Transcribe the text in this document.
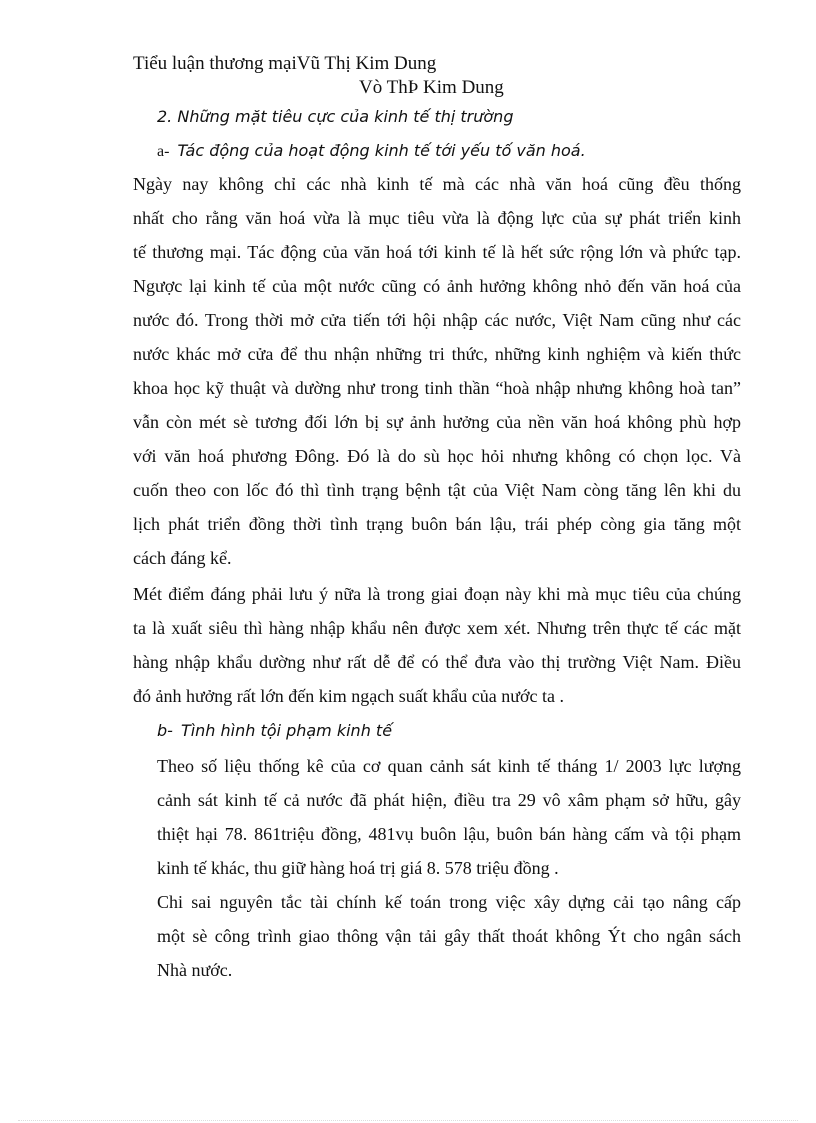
Tiểu luận thương mạiVũ Thị Kim Dung
Vò ThÞ Kim Dung
2. Những mặt tiêu cực của kinh tế thị trường
a- Tác động của hoạt động kinh tế tới yếu tố văn hoá.
Ngày nay không chỉ các nhà kinh tế mà các nhà văn hoá cũng đều thống
nhất cho rằng văn hoá vừa là mục tiêu vừa là động lực của sự phát triển kinh
tế thương mại. Tác động của văn hoá tới kinh tế là hết sức rộng lớn và phức tạp.
Ngược lại kinh tế của một nước cũng có ảnh hưởng không nhỏ đến văn hoá của
nước đó. Trong thời mở cửa tiến tới hội nhập các nước, Việt Nam cũng như các
nước khác mở cửa để thu nhận những tri thức, những kinh nghiệm và kiến thức
khoa học kỹ thuật và dường như trong tinh thần “hoà nhập nhưng không hoà tan”
vẫn còn mét sè tương đối lớn bị sự ảnh hưởng của nền văn hoá không phù hợp
với văn hoá phương Đông. Đó là do sù học hỏi nhưng không có chọn lọc. Và
cuốn theo con lốc đó thì tình trạng bệnh tật của Việt Nam còng tăng lên khi du
lịch phát triển đồng thời tình trạng buôn bán lậu, trái phép còng gia tăng một
cách đáng kể.
Mét điểm đáng phải lưu ý nữa là trong giai đoạn này khi mà mục tiêu của chúng
ta là xuất siêu thì hàng nhập khẩu nên được xem xét. Nhưng trên thực tế các mặt
hàng nhập khẩu dường như rất dễ để có thể đưa vào thị trường Việt Nam. Điều
đó ảnh hưởng rất lớn đến kim ngạch suất khẩu của nước ta .
b- Tình hình tội phạm kinh tế
Theo số liệu thống kê của cơ quan cảnh sát kinh tế tháng 1/ 2003 lực lượng
cảnh sát kinh tế cả nước đã phát hiện, điều tra 29 vô xâm phạm sở hữu, gây
thiệt hại 78. 861triệu đồng, 481vụ buôn lậu, buôn bán hàng cấm và tội phạm
kinh tế khác, thu giữ hàng hoá trị giá 8. 578 triệu đồng .
Chi sai nguyên tắc tài chính kế toán trong việc xây dựng cải tạo nâng cấp
một sè công trình giao thông vận tải gây thất thoát không Ýt cho ngân sách
Nhà nước.
